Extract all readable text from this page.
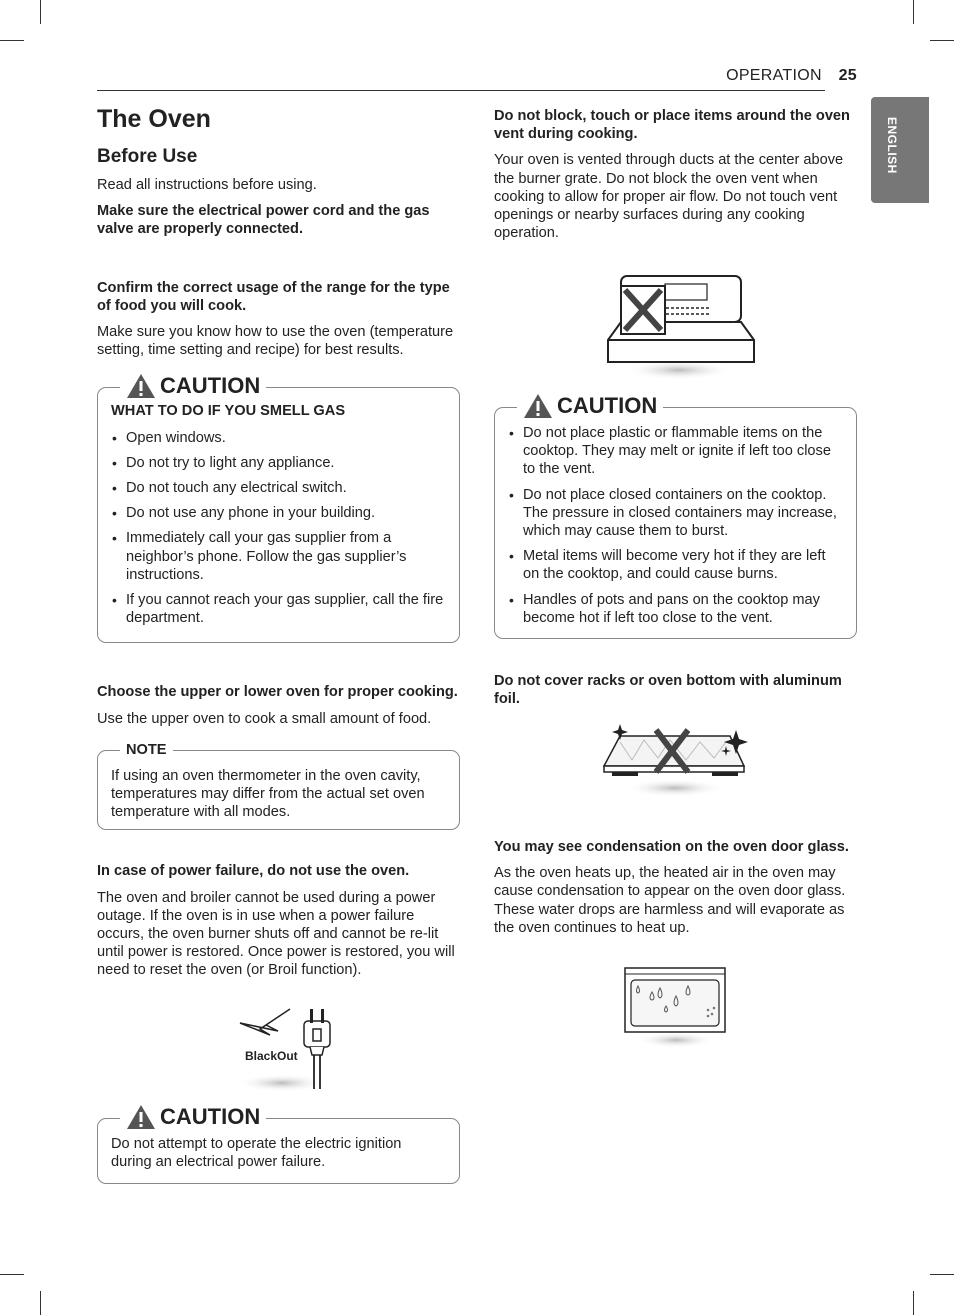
OPERATION 25
ENGLISH
The Oven
Before Use

Read all instructions before using.

Make sure the electrical power cord and the gas valve are properly connected.

Confirm the correct usage of the range for the type of food you will cook.

Make sure you know how to use the oven (temperature setting, time setting and recipe) for best results.

CAUTION

WHAT TO DO IF YOU SMELL GAS

• Open windows.
• Do not try to light any appliance.
• Do not touch any electrical switch.
• Do not use any phone in your building.
• Immediately call your gas supplier from a neighbor’s phone. Follow the gas supplier’s instructions.
• If you cannot reach your gas supplier, call the fire department.

Choose the upper or lower oven for proper cooking.

Use the upper oven to cook a small amount of food.

NOTE

If using an oven thermometer in the oven cavity, temperatures may differ from the actual set oven temperature with all modes.

In case of power failure, do not use the oven.

The oven and broiler cannot be used during a power outage. If the oven is in use when a power failure occurs, the oven burner shuts off and cannot be re-lit until power is restored. Once power is restored, you will need to reset the oven (or Broil function).

BlackOut
CAUTION

Do not attempt to operate the electric ignition during an electrical power failure.

Do not block, touch or place items around the oven vent during cooking.

Your oven is vented through ducts at the center above the burner grate. Do not block the oven vent when cooking to allow for proper air flow. Do not touch vent openings or nearby surfaces during any cooking operation.

CAUTION
• Do not place plastic or flammable items on the cooktop. They may melt or ignite if left too close to the vent.
• Do not place closed containers on the cooktop. The pressure in closed containers may increase, which may cause them to burst.
• Metal items will become very hot if they are left on the cooktop, and could cause burns.
• Handles of pots and pans on the cooktop may become hot if left too close to the vent.

Do not cover racks or oven bottom with aluminum foil.

You may see condensation on the oven door glass.

As the oven heats up, the heated air in the oven may cause condensation to appear on the oven door glass. These water drops are harmless and will evaporate as the oven continues to heat up.
